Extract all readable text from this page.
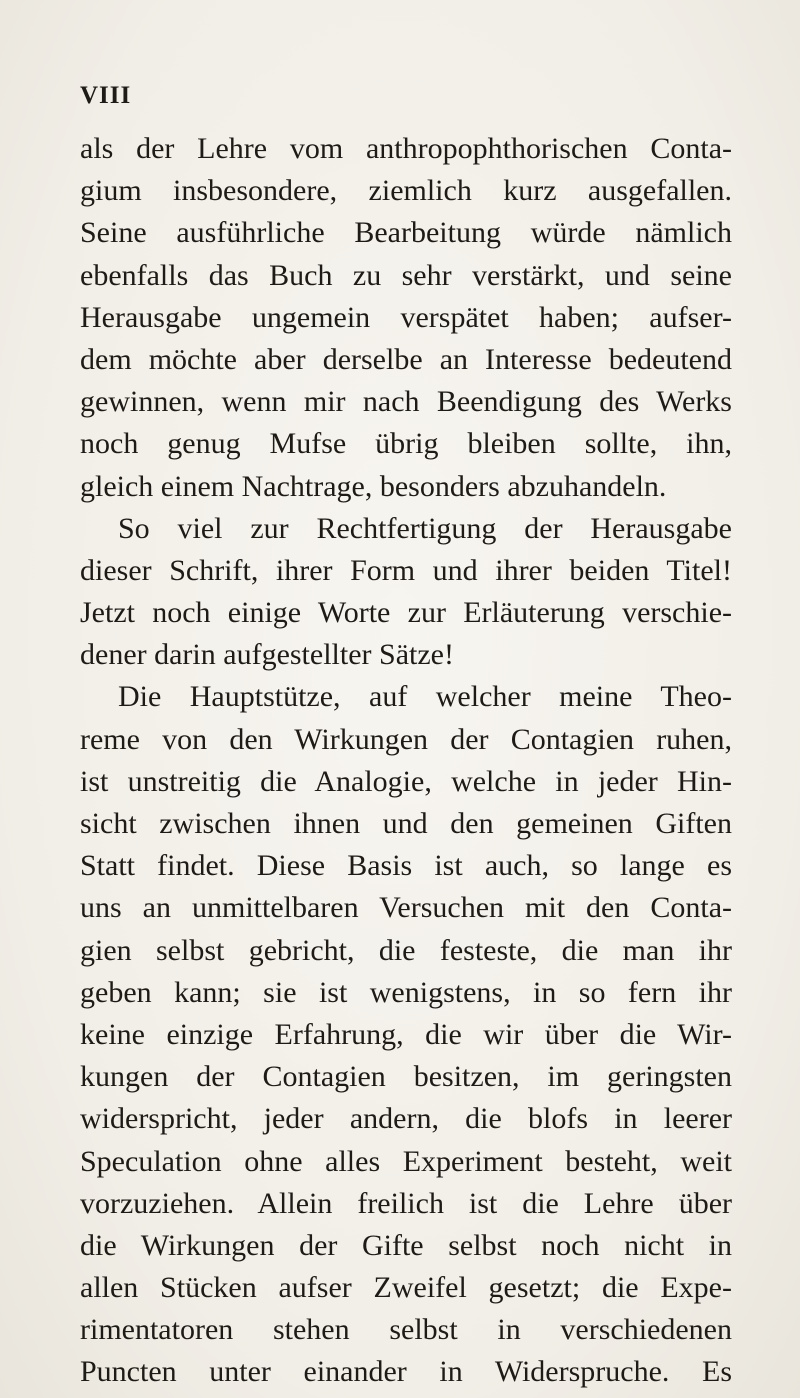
VIII
als der Lehre vom anthropophthorischen Conta-
gium insbesondere, ziemlich kurz ausgefallen.
Seine ausführliche Bearbeitung würde nämlich
ebenfalls das Buch zu sehr verstärkt, und seine
Herausgabe ungemein verspätet haben; aufser-
dem möchte aber derselbe an Interesse bedeutend
gewinnen, wenn mir nach Beendigung des Werks
noch genug Mufse übrig bleiben sollte, ihn,
gleich einem Nachtrage, besonders abzuhandeln.
So viel zur Rechtfertigung der Herausgabe
dieser Schrift, ihrer Form und ihrer beiden Titel!
Jetzt noch einige Worte zur Erläuterung verschie-
dener darin aufgestellter Sätze!
Die Hauptstütze, auf welcher meine Theo-
reme von den Wirkungen der Contagien ruhen,
ist unstreitig die Analogie, welche in jeder Hin-
sicht zwischen ihnen und den gemeinen Giften
Statt findet. Diese Basis ist auch, so lange es
uns an unmittelbaren Versuchen mit den Conta-
gien selbst gebricht, die festeste, die man ihr
geben kann; sie ist wenigstens, in so fern ihr
keine einzige Erfahrung, die wir über die Wir-
kungen der Contagien besitzen, im geringsten
widerspricht, jeder andern, die blofs in leerer
Speculation ohne alles Experiment besteht, weit
vorzuziehen. Allein freilich ist die Lehre über
die Wirkungen der Gifte selbst noch nicht in
allen Stücken aufser Zweifel gesetzt; die Expe-
rimentatoren stehen selbst in verschiedenen
Puncten unter einander in Widerspruche. Es
